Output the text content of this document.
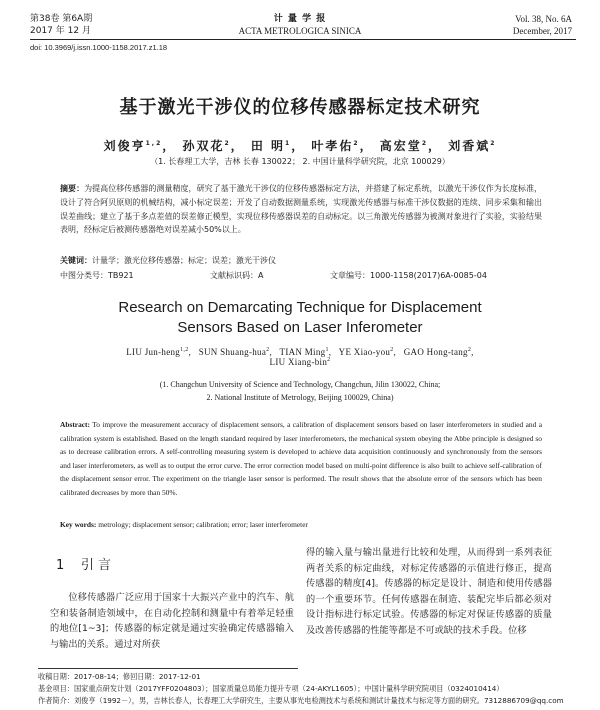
第38卷 第6A期
2017 年 12 月
计 量 学 报
ACTA METROLOGICA SINICA
Vol. 38, No. 6A
December, 2017
doi: 10.3969/j.issn.1000-1158.2017.z1.18
基于激光干涉仪的位移传感器标定技术研究
刘俊亨$^{1,2}$， 孙双花$^2$， 田 明$^1$， 叶孝佑$^2$， 高宏堂$^2$， 刘香斌$^2$
（1. 长春理工大学，吉林 长春 130022； 2. 中国计量科学研究院，北京 100029）
摘要：为提高位移传感器的测量精度，研究了基于激光干涉仪的位移传感器标定方法，并搭建了标定系统，以激光干涉仪作为长度标准，设计了符合阿贝原则的机械结构，减小标定误差；开发了自动数据测量系统，实现激光传感器与标准干涉仪数据的连续、同步采集和输出误差曲线；建立了基于多点差值的误差修正模型，实现位移传感器误差的自动标定。以三角激光传感器为被测对象进行了实验，实验结果表明，经标定后被测传感器绝对误差减小50%以上。
关键词：计量学；激光位移传感器；标定；误差；激光干涉仪
中图分类号：TB921	文献标识码：A	文章编号：1000-1158(2017)6A-0085-04
Research on Demarcating Technique for Displacement
Sensors Based on Laser Inferometer
LIU Jun-heng$^{1,2}$,   SUN Shuang-hua$^2$,   TIAN Ming$^1$,   YE Xiao-you$^2$,   GAO Hong-tang$^2$,
LIU Xiang-bin$^2$
(1. Changchun University of Science and Technology, Changchun, Jilin 130022, China;
2. National Institute of Metrology, Beijing 100029, China)
Abstract: To improve the measurement accuracy of displacement sensors, a calibration of displacement sensors based on laser interferometers in studied and a calibration system is established. Based on the length standard required by laser interferometers, the mechanical system obeying the Abbe principle is designed so as to decrease calibration errors. A self-controlling measuring system is developed to achieve data acquisition continuously and synchronously from the sensors and laser interferometers, as well as to output the error curve. The error correction model based on multi-point difference is also built to achieve self-calibration of the displacement sensor error. The experiment on the triangle laser sensor is performed. The result shows that the absolute error of the sensors which has been calibrated decreases by more than 50%.
Key words: metrology; displacement sensor; calibration; error; laser interferometer
1 引 言
位移传感器广泛应用于国家十大振兴产业中的汽车、航空和装备制造领域中，在自动化控制和测量中有着举足轻重的地位[1~3]；传感器的标定就是通过实验确定传感器输入与输出的关系。通过对所获
得的输入量与输出量进行比较和处理，从而得到一系列表征两者关系的标定曲线，对标定传感器的示值进行修正，提高传感器的精度[4]。传感器的标定是设计、制造和使用传感器的一个重要环节。任何传感器在制造、装配完毕后都必须对设计指标进行标定试验。传感器的标定对保证传感器的质量及改善传感器的性能等都是不可或缺的技术手段。位移
收稿日期：2017-08-14；修回日期：2017-12-01
基金项目：国家重点研发计划（2017YFF0204803）；国家质量总局能力提升专项（24-AKYL1605）；中国计量科学研究院项目（0324010414）
作者简介：刘俊亨（1992－），男，吉林长春人，长春理工大学研究生，主要从事光电检测技术与系统和测试计量技术与标定等方面的研究。7312886709@qq.com
